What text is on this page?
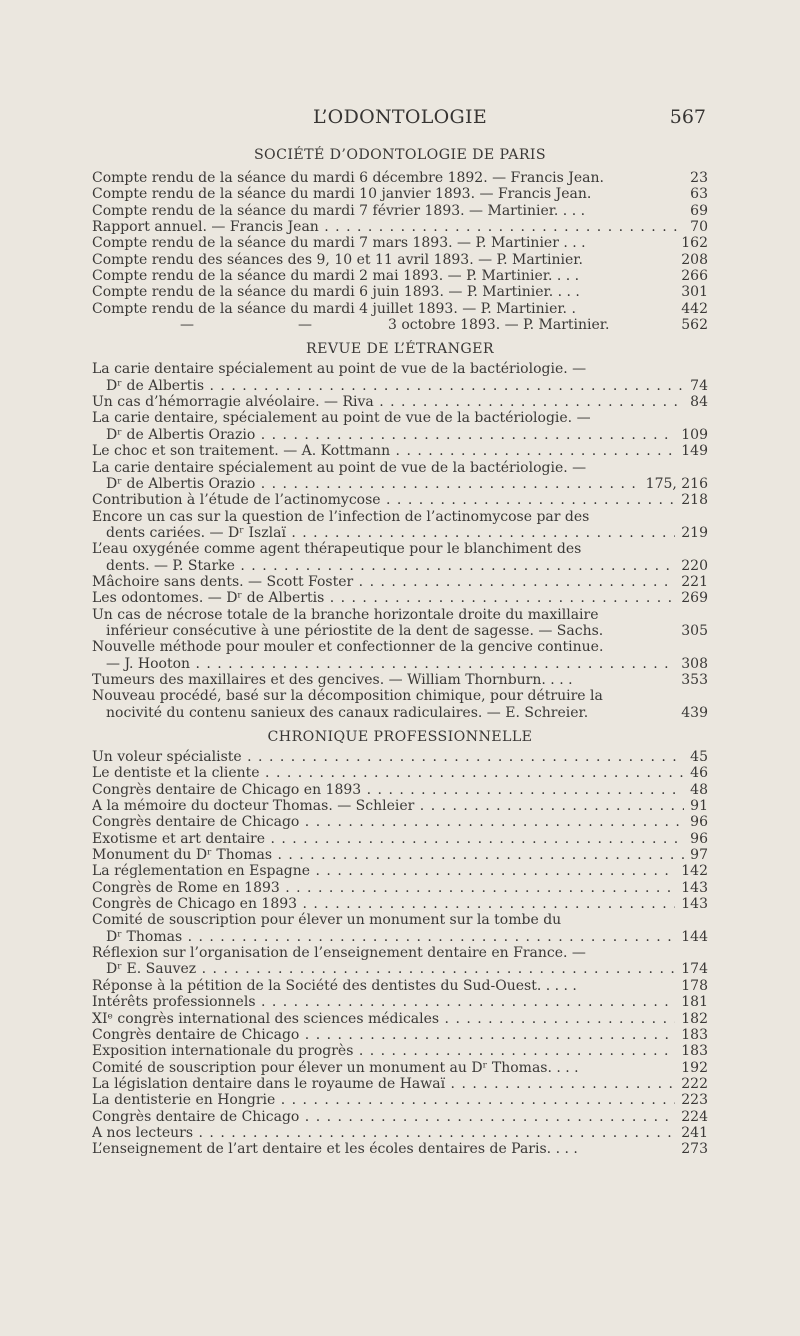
L’ODONTOLOGIE	567
SOCIÉTÉ D’ODONTOLOGIE DE PARIS
Compte rendu de la séance du mardi 6 décembre 1892. — Francis Jean.	23
Compte rendu de la séance du mardi 10 janvier 1893. — Francis Jean.	63
Compte rendu de la séance du mardi 7 février 1893. — Martinier. . . .	69
Rapport annuel. — Francis Jean . . .	70
Compte rendu de la séance du mardi 7 mars 1893. — P. Martinier . . .	162
Compte rendu des séances des 9, 10 et 11 avril 1893. — P. Martinier.	208
Compte rendu de la séance du mardi 2 mai 1893. — P. Martinier. . . .	266
Compte rendu de la séance du mardi 6 juin 1893. — P. Martinier. . . .	301
Compte rendu de la séance du mardi 4 juillet 1893. — P. Martinier. .	442
—	—	3 octobre 1893. — P. Martinier.	562
REVUE DE L’ÉTRANGER
La carie dentaire spécialement au point de vue de la bactériologie. —
Dʳ de Albertis . . .	74
Un cas d’hémorragie alvéolaire. — Riva . . .	84
La carie dentaire, spécialement au point de vue de la bactériologie. —
Dʳ de Albertis Orazio . . .	109
Le choc et son traitement. — A. Kottmann . . .	149
La carie dentaire spécialement au point de vue de la bactériologie. —
Dʳ de Albertis Orazio . . .	175, 216
Contribution à l’étude de l’actinomycose . . .	218
Encore un cas sur la question de l’infection de l’actinomycose par des
dents cariées. — Dʳ Iszlaï . . .	219
L’eau oxygénée comme agent thérapeutique pour le blanchiment des
dents. — P. Starke . . .	220
Mâchoire sans dents. — Scott Foster . . .	221
Les odontomes. — Dʳ de Albertis . . .	269
Un cas de nécrose totale de la branche horizontale droite du maxillaire
inférieur consécutive à une périostite de la dent de sagesse. — Sachs.	305
Nouvelle méthode pour mouler et confectionner de la gencive continue.
— J. Hooton . . .	308
Tumeurs des maxillaires et des gencives. — William Thornburn. . . .	353
Nouveau procédé, basé sur la décomposition chimique, pour détruire la
nocivité du contenu sanieux des canaux radiculaires. — E. Schreier.	439
CHRONIQUE PROFESSIONNELLE
Un voleur spécialiste . . .	45
Le dentiste et la cliente . . .	46
Congrès dentaire de Chicago en 1893 . . .	48
A la mémoire du docteur Thomas. — Schleier . . .	91
Congrès dentaire de Chicago . . .	96
Exotisme et art dentaire . . .	96
Monument du Dʳ Thomas . . .	97
La réglementation en Espagne . . .	142
Congrès de Rome en 1893 . . .	143
Congrès de Chicago en 1893 . . .	143
Comité de souscription pour élever un monument sur la tombe du
Dʳ Thomas . . .	144
Réflexion sur l’organisation de l’enseignement dentaire en France. —
Dʳ E. Sauvez . . .	174
Réponse à la pétition de la Société des dentistes du Sud-Ouest. . . . .	178
Intérêts professionnels . . .	181
XIᵉ congrès international des sciences médicales . . .	182
Congrès dentaire de Chicago . . .	183
Exposition internationale du progrès . . .	183
Comité de souscription pour élever un monument au Dʳ Thomas. . . .	192
La législation dentaire dans le royaume de Hawaï . . .	222
La dentisterie en Hongrie . . .	223
Congrès dentaire de Chicago . . .	224
A nos lecteurs . . .	241
L’enseignement de l’art dentaire et les écoles dentaires de Paris. . . .	273
